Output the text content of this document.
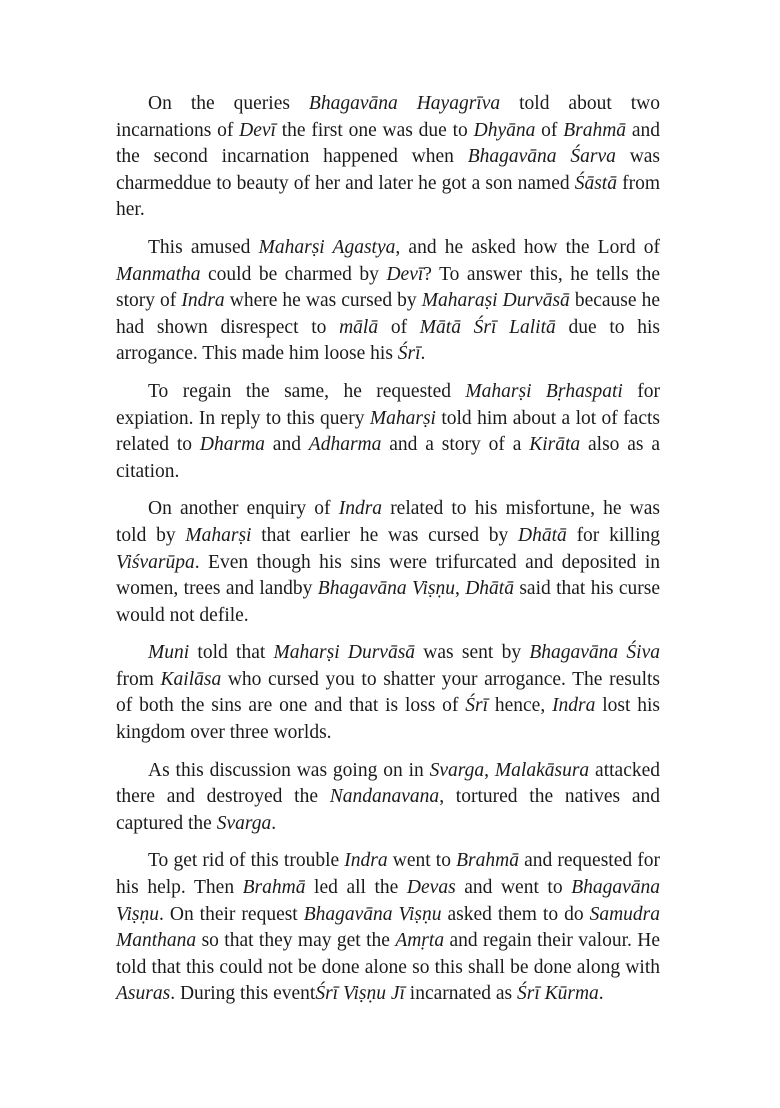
On the queries Bhagavāna Hayagrīva told about two incarnations of Devī the first one was due to Dhyāna of Brahmā and the second incarnation happened when Bhagavāna Śarva was charmeddue to beauty of her and later he got a son named Śāstā from her.

This amused Maharṣi Agastya, and he asked how the Lord of Manmatha could be charmed by Devī? To answer this, he tells the story of Indra where he was cursed by Maharaṣi Durvāsā because he had shown disrespect to mālā of Mātā Śrī Lalitā due to his arrogance. This made him loose his Śrī.

To regain the same, he requested Maharṣi Bṛhaspati for expiation. In reply to this query Maharṣi told him about a lot of facts related to Dharma and Adharma and a story of a Kirāta also as a citation.

On another enquiry of Indra related to his misfortune, he was told by Maharṣi that earlier he was cursed by Dhātā for killing Viśvarūpa. Even though his sins were trifurcated and deposited in women, trees and landby Bhagavāna Viṣṇu, Dhātā said that his curse would not defile.

Muni told that Maharṣi Durvāsā was sent by Bhagavāna Śiva from Kailāsa who cursed you to shatter your arrogance. The results of both the sins are one and that is loss of Śrī hence, Indra lost his kingdom over three worlds.

As this discussion was going on in Svarga, Malakāsura attacked there and destroyed the Nandanavana, tortured the natives and captured the Svarga.

To get rid of this trouble Indra went to Brahmā and requested for his help. Then Brahmā led all the Devas and went to Bhagavāna Viṣṇu. On their request Bhagavāna Viṣṇu asked them to do Samudra Manthana so that they may get the Amṛta and regain their valour. He told that this could not be done alone so this shall be done along with Asuras. During this eventŚrī Viṣṇu Jī incarnated as Śrī Kūrma.
